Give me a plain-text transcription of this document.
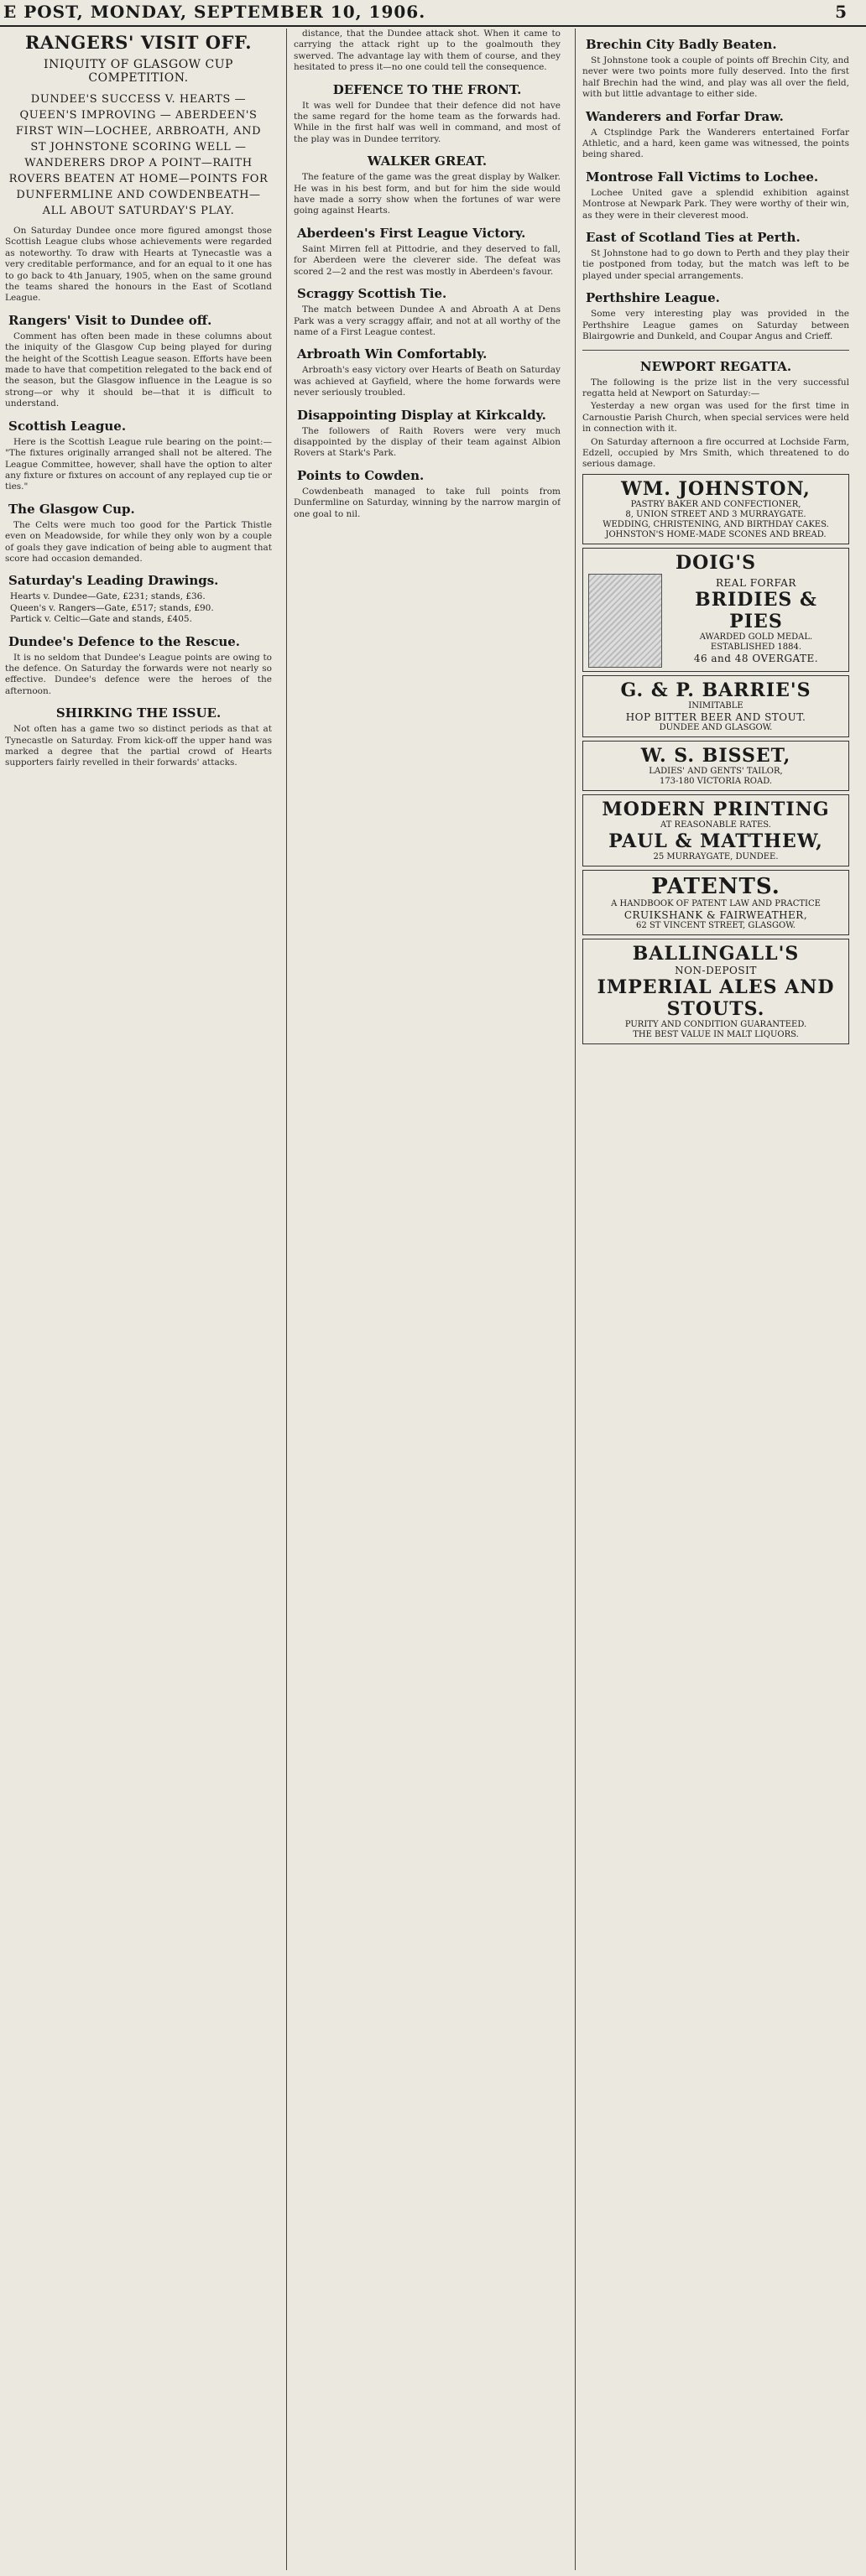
E POST, MONDAY, SEPTEMBER 10, 1906.	5
RANGERS' VISIT OFF.
INIQUITY OF GLASGOW CUP COMPETITION.
DUNDEE'S SUCCESS V. HEARTS — QUEEN'S IMPROVING — ABERDEEN'S FIRST WIN—LOCHEE, ARBROATH, AND ST JOHNSTONE SCORING WELL — WANDERERS DROP A POINT—RAITH ROVERS BEATEN AT HOME—POINTS FOR DUNFERMLINE AND COWDENBEATH—ALL ABOUT SATURDAY'S PLAY.

On Saturday Dundee once more figured amongst those Scottish League clubs whose achievements were regarded as noteworthy. To draw with Hearts at Tynecastle was a very creditable performance, and for an equal to it one has to go back to 4th January, 1905, when on the same ground the teams shared the honours in the East of Scotland League.

Rangers' Visit to Dundee off.

Comment has often been made in these columns about the iniquity of the Glasgow Cup being played for during the height of the Scottish League season. Efforts have been made to have that competition relegated to the back end of the season, but the Glasgow influence in the League is so strong—or why it should be—that it is difficult to understand.

Scottish League.

Here is the Scottish League rule bearing on the point:— "The fixtures originally arranged shall not be altered. The League Committee, however, shall have the option to alter any fixture or fixtures on account of any replayed cup tie or ties."

The Glasgow Cup.

The Celts were much too good for the Partick Thistle even on Meadowside, for while they only won by a couple of goals they gave indication of being able to augment that score had occasion demanded.

Saturday's Leading Drawings.
Hearts v. Dundee—Gate, £231; stands, £36.
Queen's v. Rangers—Gate, £517; stands, £90.
Partick v. Celtic—Gate and stands, £405.
Dundee's Defence to the Rescue.

It is no seldom that Dundee's League points are owing to the defence. On Saturday the forwards were not nearly so effective. Dundee's defence were the heroes of the afternoon.

SHIRKING THE ISSUE.

Not often has a game two so distinct periods as that at Tynecastle on Saturday. From kick-off the upper hand was marked a degree that the partial crowd of Hearts supporters fairly revelled in their forwards' attacks.

distance, that the Dundee attack shot. When it came to carrying the attack right up to the goalmouth they swerved. The advantage lay with them of course, and they hesitated to press it—no one could tell the consequence.

DEFENCE TO THE FRONT.

It was well for Dundee that their defence did not have the same regard for the home team as the forwards had. While in the first half was well in command, and most of the play was in Dundee territory.

WALKER GREAT.

The feature of the game was the great display by Walker. He was in his best form, and but for him the side would have made a sorry show when the fortunes of war were going against Hearts.

Aberdeen's First League Victory.

Saint Mirren fell at Pittodrie, and they deserved to fall, for Aberdeen were the cleverer side. The defeat was scored 2—2 and the rest was mostly in Aberdeen's favour.

Scraggy Scottish Tie.

The match between Dundee A and Abroath A at Dens Park was a very scraggy affair, and not at all worthy of the name of a First League contest.

Arbroath Win Comfortably.

Arbroath's easy victory over Hearts of Beath on Saturday was achieved at Gayfield, where the home forwards were never seriously troubled.

Disappointing Display at Kirkcaldy.

The followers of Raith Rovers were very much disappointed by the display of their team against Albion Rovers at Stark's Park.

Points to Cowden.

Cowdenbeath managed to take full points from Dunfermline on Saturday, winning by the narrow margin of one goal to nil.

Brechin City Badly Beaten.

St Johnstone took a couple of points off Brechin City, and never were two points more fully deserved. Into the first half Brechin had the wind, and play was all over the field, with but little advantage to either side.

Wanderers and Forfar Draw.

A Ctsplindge Park the Wanderers entertained Forfar Athletic, and a hard, keen game was witnessed, the points being shared.

Montrose Fall Victims to Lochee.

Lochee United gave a splendid exhibition against Montrose at Newpark Park. They were worthy of their win, as they were in their cleverest mood.

East of Scotland Ties at Perth.

St Johnstone had to go down to Perth and they play their tie postponed from today, but the match was left to be played under special arrangements.

Perthshire League.

Some very interesting play was provided in the Perthshire League games on Saturday between Blairgowrie and Dunkeld, and Coupar Angus and Crieff.

NEWPORT REGATTA.

The following is the prize list in the very successful regatta held at Newport on Saturday:—

Yesterday a new organ was used for the first time in Carnoustie Parish Church, when special services were held in connection with it.

On Saturday afternoon a fire occurred at Lochside Farm, Edzell, occupied by Mrs Smith, which threatened to do serious damage.

WM. JOHNSTON,
PASTRY BAKER AND CONFECTIONER,
8, UNION STREET AND 3 MURRAYGATE.
WEDDING, CHRISTENING, AND BIRTHDAY CAKES.
JOHNSTON'S HOME-MADE SCONES AND BREAD.
DOIG'S
REAL FORFAR
BRIDIES & PIES
AWARDED GOLD MEDAL.
ESTABLISHED 1884.
46 and 48 OVERGATE.
G. & P. BARRIE'S
INIMITABLE
HOP BITTER BEER AND STOUT.
DUNDEE AND GLASGOW.
W. S. BISSET,
LADIES' AND GENTS' TAILOR,
173-180 VICTORIA ROAD.
MODERN PRINTING
AT REASONABLE RATES.
PAUL & MATTHEW,
25 MURRAYGATE, DUNDEE.
PATENTS.
A HANDBOOK OF PATENT LAW AND PRACTICE
CRUIKSHANK & FAIRWEATHER,
62 ST VINCENT STREET, GLASGOW.
BALLINGALL'S
NON-DEPOSIT
IMPERIAL ALES AND STOUTS.
PURITY AND CONDITION GUARANTEED.
THE BEST VALUE IN MALT LIQUORS.
